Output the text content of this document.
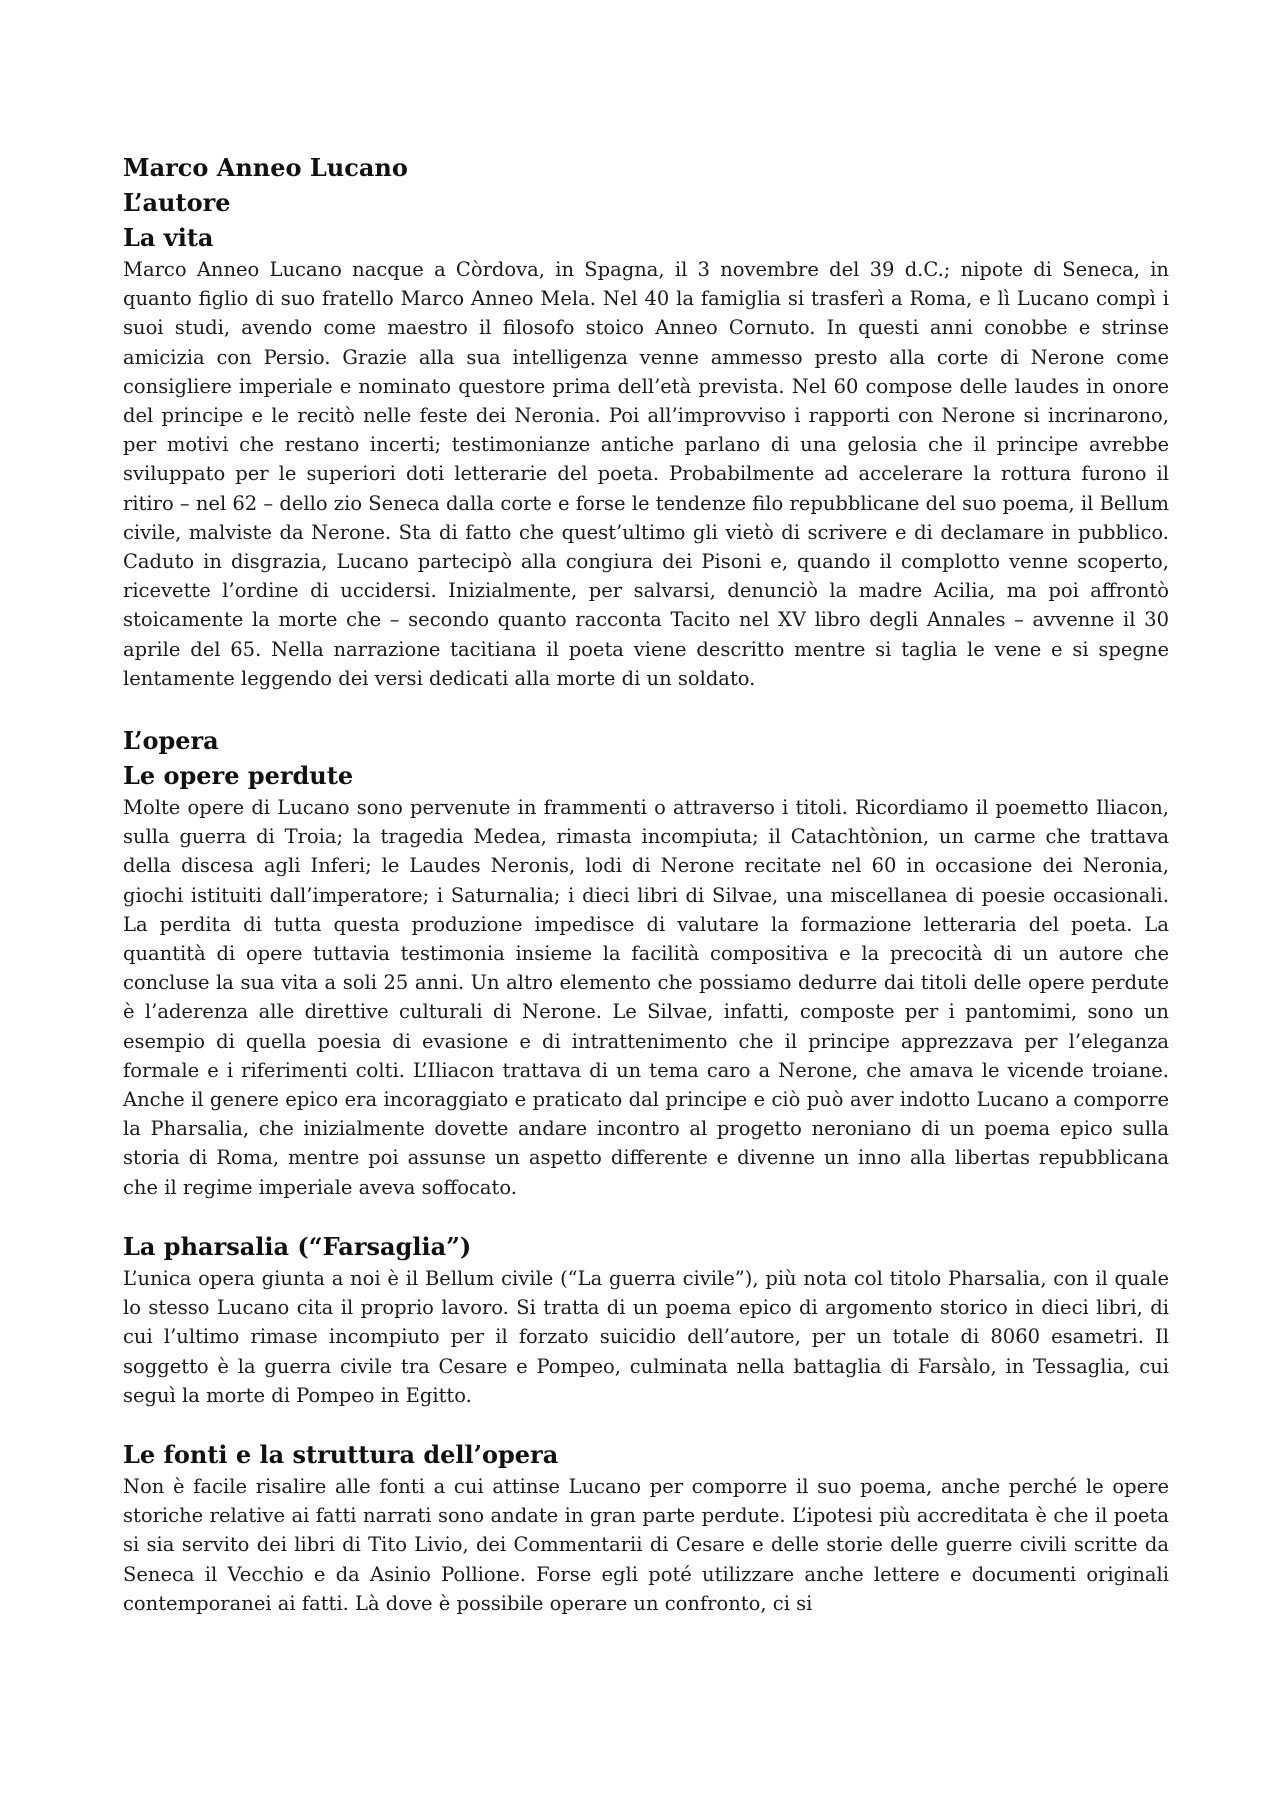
Marco Anneo Lucano
L’autore
La vita

Marco Anneo Lucano nacque a Còrdova, in Spagna, il 3 novembre del 39 d.C.; nipote di Seneca, in quanto figlio di suo fratello Marco Anneo Mela. Nel 40 la famiglia si trasferì a Roma, e lì Lucano compì i suoi studi, avendo come maestro il filosofo stoico Anneo Cornuto. In questi anni conobbe e strinse amicizia con Persio. Grazie alla sua intelligenza venne ammesso presto alla corte di Nerone come consigliere imperiale e nominato questore prima dell’età prevista. Nel 60 compose delle laudes in onore del principe e le recitò nelle feste dei Neronia. Poi all’improvviso i rapporti con Nerone si incrinarono, per motivi che restano incerti; testimonianze antiche parlano di una gelosia che il principe avrebbe sviluppato per le superiori doti letterarie del poeta. Probabilmente ad accelerare la rottura furono il ritiro – nel 62 – dello zio Seneca dalla corte e forse le tendenze filo repubblicane del suo poema, il Bellum civile, malviste da Nerone. Sta di fatto che quest’ultimo gli vietò di scrivere e di declamare in pubblico. Caduto in disgrazia, Lucano partecipò alla congiura dei Pisoni e, quando il complotto venne scoperto, ricevette l’ordine di uccidersi. Inizialmente, per salvarsi, denunciò la madre Acilia, ma poi affrontò stoicamente la morte che – secondo quanto racconta Tacito nel XV libro degli Annales – avvenne il 30 aprile del 65. Nella narrazione tacitiana il poeta viene descritto mentre si taglia le vene e si spegne lentamente leggendo dei versi dedicati alla morte di un soldato.

L’opera
Le opere perdute

Molte opere di Lucano sono pervenute in frammenti o attraverso i titoli. Ricordiamo il poemetto Iliacon, sulla guerra di Troia; la tragedia Medea, rimasta incompiuta; il Catachtònion, un carme che trattava della discesa agli Inferi; le Laudes Neronis, lodi di Nerone recitate nel 60 in occasione dei Neronia, giochi istituiti dall’imperatore; i Saturnalia; i dieci libri di Silvae, una miscellanea di poesie occasionali. La perdita di tutta questa produzione impedisce di valutare la formazione letteraria del poeta. La quantità di opere tuttavia testimonia insieme la facilità compositiva e la precocità di un autore che concluse la sua vita a soli 25 anni. Un altro elemento che possiamo dedurre dai titoli delle opere perdute è l’aderenza alle direttive culturali di Nerone. Le Silvae, infatti, composte per i pantomimi, sono un esempio di quella poesia di evasione e di intrattenimento che il principe apprezzava per l’eleganza formale e i riferimenti colti. L’Iliacon trattava di un tema caro a Nerone, che amava le vicende troiane. Anche il genere epico era incoraggiato e praticato dal principe e ciò può aver indotto Lucano a comporre la Pharsalia, che inizialmente dovette andare incontro al progetto neroniano di un poema epico sulla storia di Roma, mentre poi assunse un aspetto differente e divenne un inno alla libertas repubblicana che il regime imperiale aveva soffocato.

La pharsalia (“Farsaglia”)

L’unica opera giunta a noi è il Bellum civile (“La guerra civile”), più nota col titolo Pharsalia, con il quale lo stesso Lucano cita il proprio lavoro. Si tratta di un poema epico di argomento storico in dieci libri, di cui l’ultimo rimase incompiuto per il forzato suicidio dell’autore, per un totale di 8060 esametri. Il soggetto è la guerra civile tra Cesare e Pompeo, culminata nella battaglia di Farsàlo, in Tessaglia, cui seguì la morte di Pompeo in Egitto.

Le fonti e la struttura dell’opera

Non è facile risalire alle fonti a cui attinse Lucano per comporre il suo poema, anche perché le opere storiche relative ai fatti narrati sono andate in gran parte perdute. L’ipotesi più accreditata è che il poeta si sia servito dei libri di Tito Livio, dei Commentarii di Cesare e delle storie delle guerre civili scritte da Seneca il Vecchio e da Asinio Pollione. Forse egli poté utilizzare anche lettere e documenti originali contemporanei ai fatti. Là dove è possibile operare un confronto, ci si
